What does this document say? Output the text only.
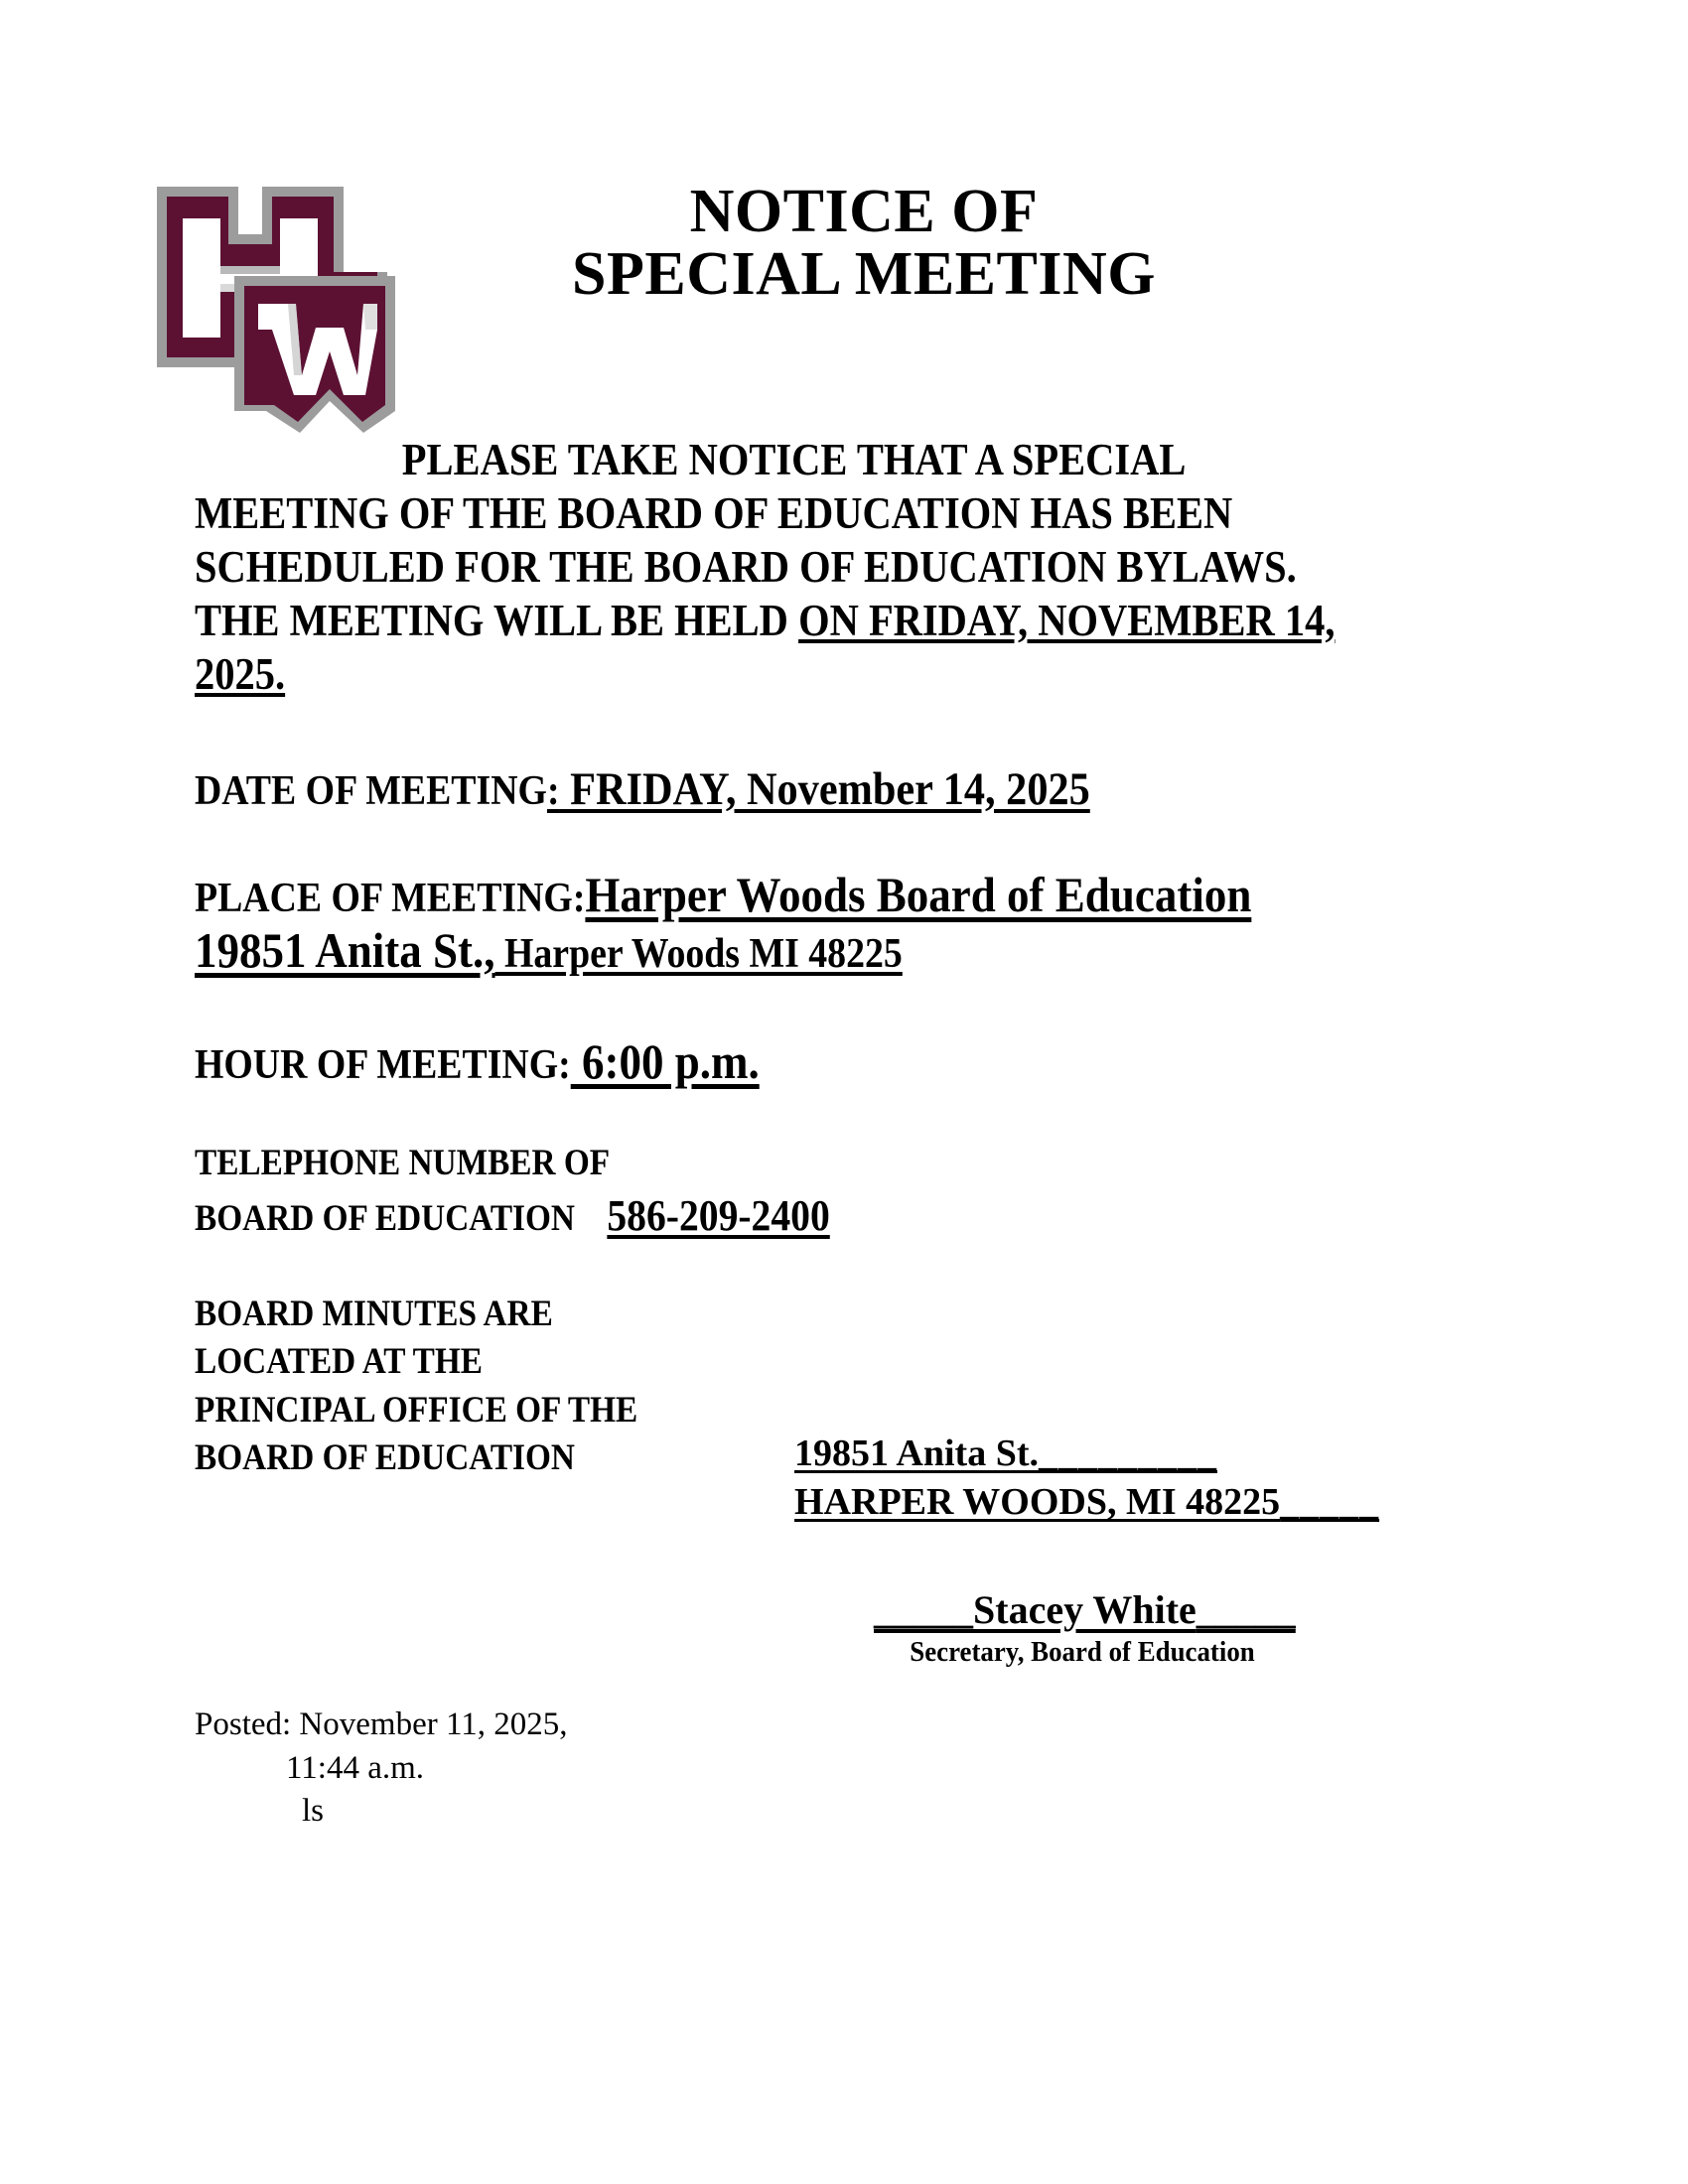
NOTICE OF
SPECIAL MEETING
PLEASE TAKE NOTICE THAT A SPECIAL MEETING OF THE BOARD OF EDUCATION HAS BEEN SCHEDULED FOR THE BOARD OF EDUCATION BYLAWS. THE MEETING WILL BE HELD ON FRIDAY, NOVEMBER 14, 2025.
DATE OF MEETING: FRIDAY, November 14, 2025
PLACE OF MEETING:Harper Woods Board of Education
19851 Anita St., Harper Woods MI 48225
HOUR OF MEETING: 6:00 p.m.
TELEPHONE NUMBER OF
BOARD OF EDUCATION 586-209-2400
BOARD MINUTES ARE
LOCATED AT THE
PRINCIPAL OFFICE OF THE
BOARD OF EDUCATION	19851 Anita St._________
HARPER WOODS, MI 48225_____
_____Stacey White_____
Secretary, Board of Education
Posted: November 11, 2025,
11:44 a.m.
ls
